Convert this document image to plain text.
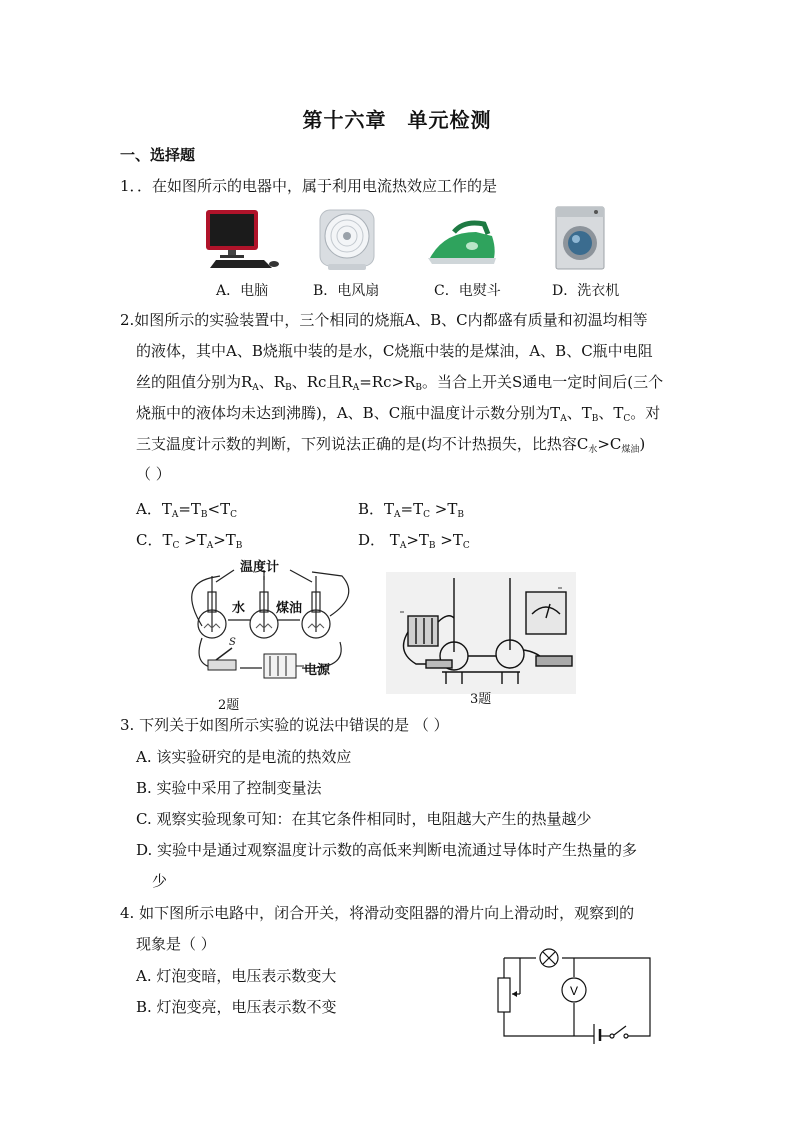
第十六章　单元检测
一、选择题
1．．在如图所示的电器中，属于利用电流热效应工作的是
A．电脑	B．电风扇	C．电熨斗	D．洗衣机
2.如图所示的实验装置中，三个相同的烧瓶A、B、C内都盛有质量和初温均相等
的液体，其中A、B烧瓶中装的是水，C烧瓶中装的是煤油，A、B、C瓶中电阻
丝的阻值分别为$R_A$、$R_B$、Rc且$R_A=Rc>R_B$。当合上开关S通电一定时间后(三个
烧瓶中的液体均未达到沸腾)，A、B、C瓶中温度计示数分别为$T_A$、$T_B$、$T_C$。对
三支温度计示数的判断，下列说法正确的是(均不计热损失，比热容$C_水>C_{煤油}$)
（ ）
A．$T_A=T_B<T_C$	B．$T_A=T_C >T_B$
C．$T_C >T_A>T_B$	D． $T_A>T_B >T_C$
温度计
水 煤油
S
电源
2题	3题
3. 下列关于如图所示实验的说法中错误的是 （ ）
A. 该实验研究的是电流的热效应
B. 实验中采用了控制变量法
C. 观察实验现象可知：在其它条件相同时，电阻越大产生的热量越少
D. 实验中是通过观察温度计示数的高低来判断电流通过导体时产生热量的多
少
4. 如下图所示电路中，闭合开关，将滑动变阻器的滑片向上滑动时，观察到的
现象是（ ）
A. 灯泡变暗，电压表示数变大
B. 灯泡变亮，电压表示数不变
V
